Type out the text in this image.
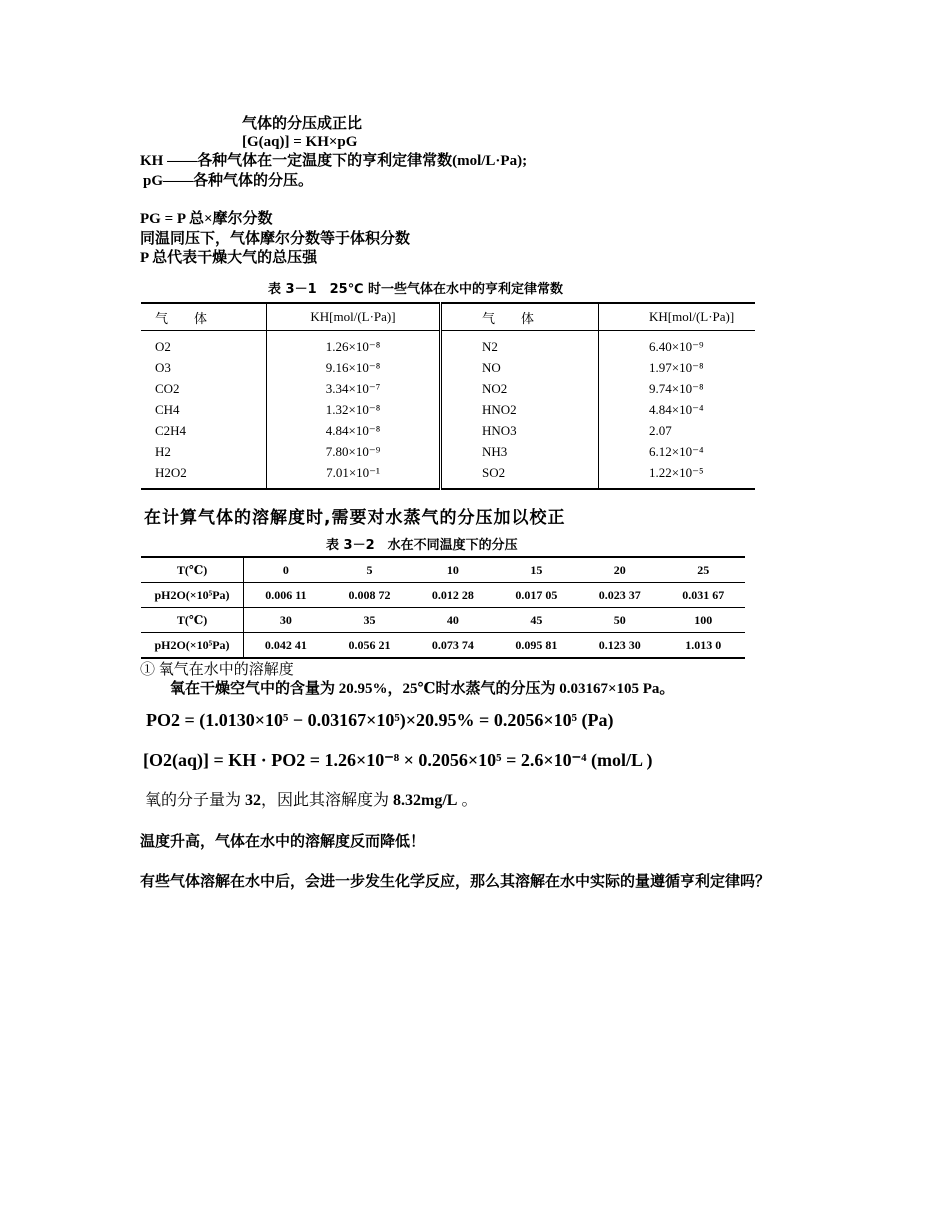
气体的分压成正比
[G(aq)] = KH×pG
KH ——各种气体在一定温度下的亨利定律常数(mol/L·Pa);
pG——各种气体的分压。
PG = P 总×摩尔分数
同温同压下，气体摩尔分数等于体积分数
P 总代表干燥大气的总压强
表 3－1　25℃ 时一些气体在水中的亨利定律常数
气　　体	KH[mol/(L·Pa)]	气　　体	KH[mol/(L·Pa)]
O2	1.26×10⁻⁸	N2	6.40×10⁻⁹
O3	9.16×10⁻⁸	NO	1.97×10⁻⁸
CO2	3.34×10⁻⁷	NO2	9.74×10⁻⁸
CH4	1.32×10⁻⁸	HNO2	4.84×10⁻⁴
C2H4	4.84×10⁻⁸	HNO3	2.07
H2	7.80×10⁻⁹	NH3	6.12×10⁻⁴
H2O2	7.01×10⁻¹	SO2	1.22×10⁻⁵
在计算气体的溶解度时,需要对水蒸气的分压加以校正
表 3－2　水在不同温度下的分压
T(℃)	0	5	10	15	20	25
pH2O(×10⁵Pa)	0.006 11	0.008 72	0.012 28	0.017 05	0.023 37	0.031 67
T(℃)	30	35	40	45	50	100
pH2O(×10⁵Pa)	0.042 41	0.056 21	0.073 74	0.095 81	0.123 30	1.013 0
① 氧气在水中的溶解度
氧在干燥空气中的含量为 20.95%，25℃时水蒸气的分压为 0.03167×105 Pa。
PO2 = (1.0130×10⁵ − 0.03167×10⁵)×20.95% = 0.2056×10⁵ (Pa)
[O2(aq)] = KH · PO2 = 1.26×10⁻⁸ × 0.2056×10⁵ = 2.6×10⁻⁴ (mol/L )
氧的分子量为 32，因此其溶解度为 8.32mg/L 。
温度升高，气体在水中的溶解度反而降低！
有些气体溶解在水中后，会进一步发生化学反应，那么其溶解在水中实际的量遵循亨利定律吗？
